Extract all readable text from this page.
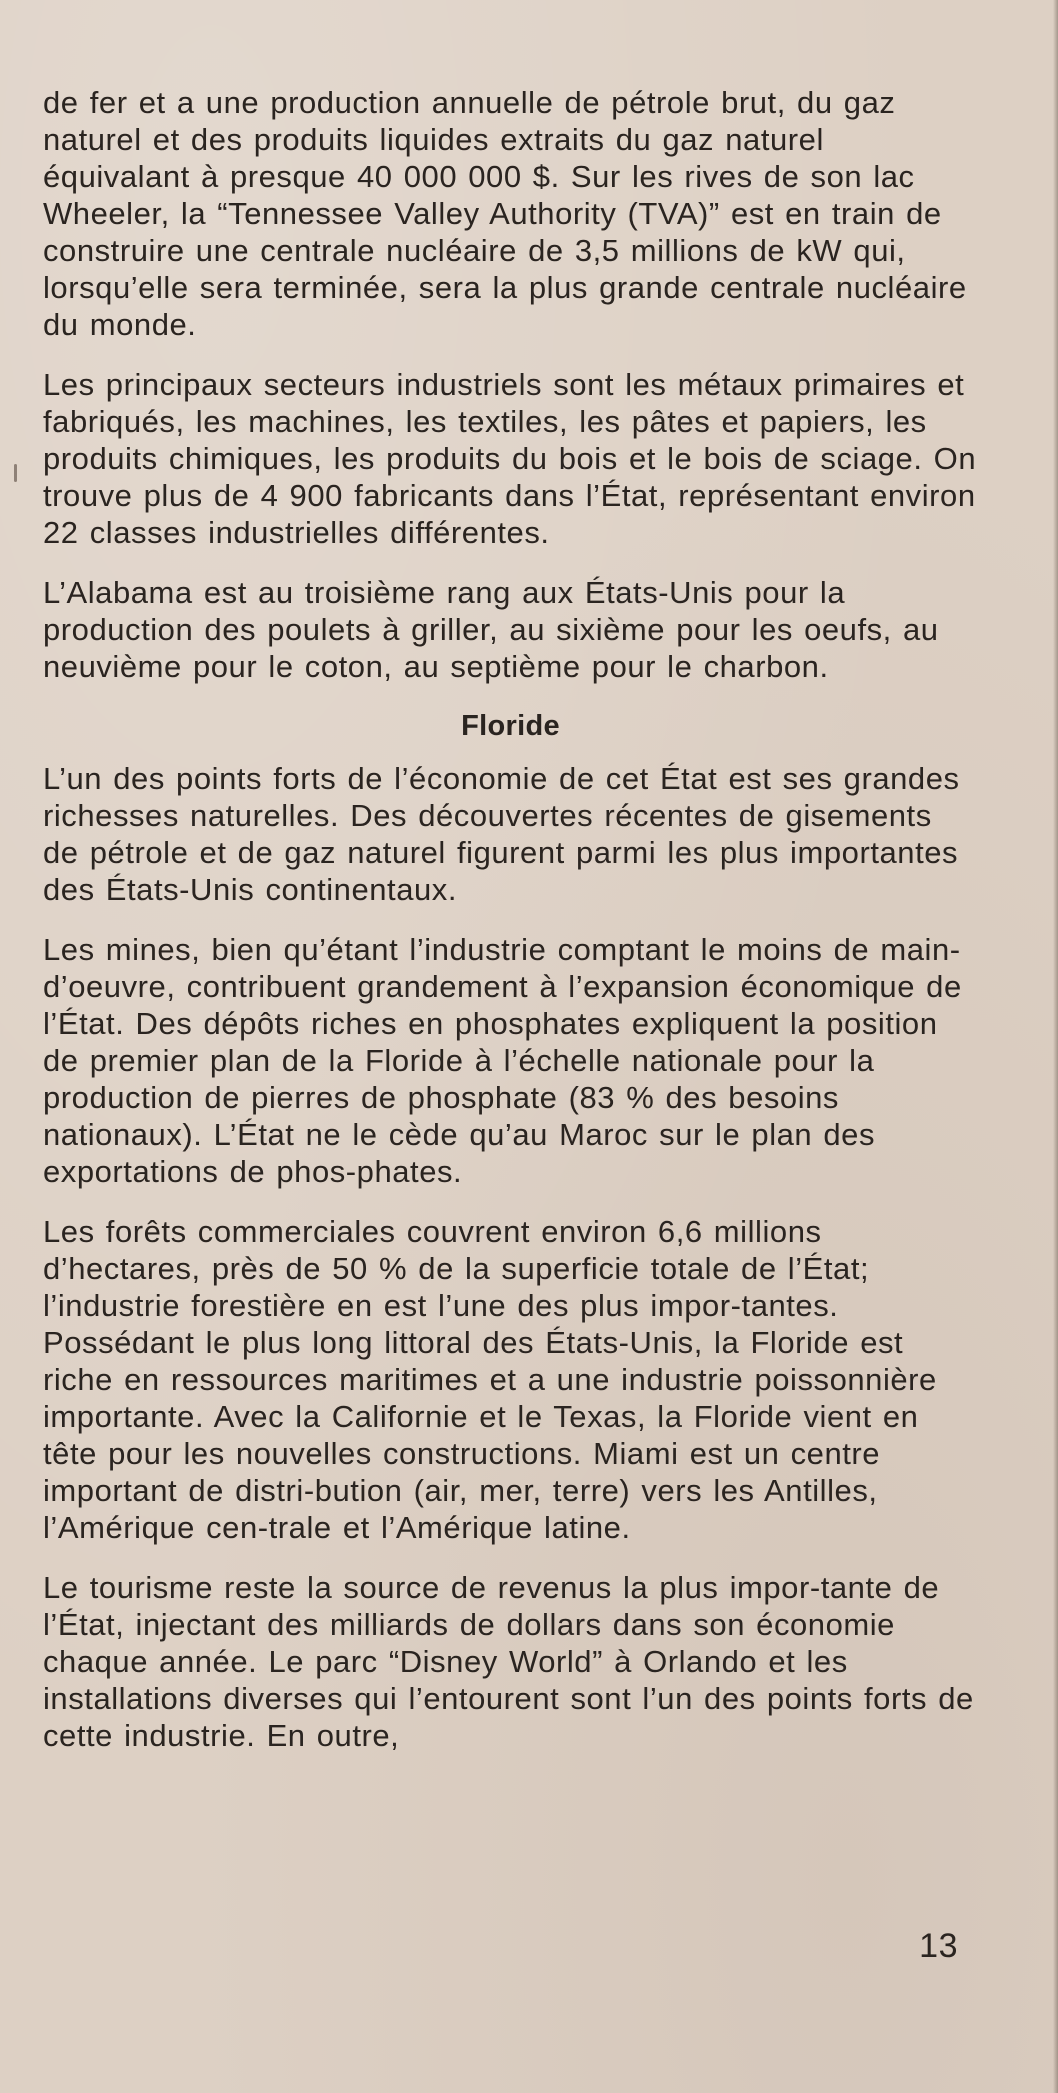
de fer et a une production annuelle de pétrole brut, du gaz naturel et des produits liquides extraits du gaz naturel équivalant à presque 40 000 000 $. Sur les rives de son lac Wheeler, la “Tennessee Valley Authority (TVA)” est en train de construire une centrale nucléaire de 3,5 millions de kW qui, lorsqu’elle sera terminée, sera la plus grande centrale nucléaire du monde.

Les principaux secteurs industriels sont les métaux primaires et fabriqués, les machines, les textiles, les pâtes et papiers, les produits chimiques, les produits du bois et le bois de sciage. On trouve plus de 4 900 fabricants dans l’État, représentant environ 22 classes industrielles différentes.

L’Alabama est au troisième rang aux États-Unis pour la production des poulets à griller, au sixième pour les oeufs, au neuvième pour le coton, au septième pour le charbon.

Floride

L’un des points forts de l’économie de cet État est ses grandes richesses naturelles. Des découvertes récentes de gisements de pétrole et de gaz naturel figurent parmi les plus importantes des États-Unis continentaux.

Les mines, bien qu’étant l’industrie comptant le moins de main-d’oeuvre, contribuent grandement à l’expansion économique de l’État. Des dépôts riches en phosphates expliquent la position de premier plan de la Floride à l’échelle nationale pour la production de pierres de phosphate (83 % des besoins nationaux). L’État ne le cède qu’au Maroc sur le plan des exportations de phos-phates.

Les forêts commerciales couvrent environ 6,6 millions d’hectares, près de 50 % de la superficie totale de l’État; l’industrie forestière en est l’une des plus impor-tantes. Possédant le plus long littoral des États-Unis, la Floride est riche en ressources maritimes et a une industrie poissonnière importante. Avec la Californie et le Texas, la Floride vient en tête pour les nouvelles constructions. Miami est un centre important de distri-bution (air, mer, terre) vers les Antilles, l’Amérique cen-trale et l’Amérique latine.

Le tourisme reste la source de revenus la plus impor-tante de l’État, injectant des milliards de dollars dans son économie chaque année. Le parc “Disney World” à Orlando et les installations diverses qui l’entourent sont l’un des points forts de cette industrie. En outre,

13
